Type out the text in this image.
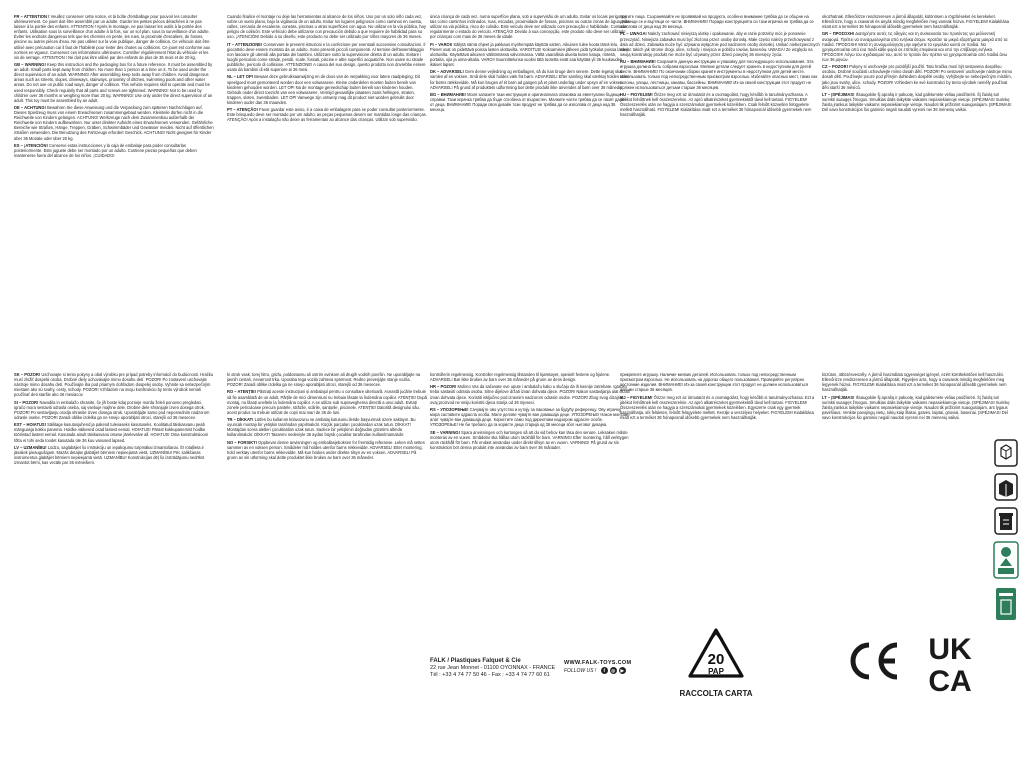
FR – ATTENTION ! Veuillez conserver cette notice, et la boîte d'emballage pour pouvoir les consulter ultérieurement. Ce jouet doit être assemblé par un adulte. Garder les petites pièces détachées à ne pas laisser à la portée des enfants. ATTENTION ! Après le montage, ne pas laisser les outils à la portée des enfants. Utilisation sous la surveillance d'un adulte à la fois, sur un sol plan, sous la surveillance d'un adulte. Éviter les endroits dangereux tels que les chemins en pente, les rues, la proximité d'escaliers, de fosses, piscine ou autres pièces d'eau. Ne pas utiliser sur la voie publique, danger de collision. Ce véhicule doit être utilisé avec précaution car il faut de l'habileté pour éviter des chutes ou collisions. Ce jouet est conforme aux normes en vigueur. Conservez ces informations ultérieures. Contrôler régulièrement l'état du véhicule et les vis de serrage. ATTENTION ! Ne doit pas être utilisé par des enfants de plus de 36 mois et de 20 kg.

GB – WARNING! Keep this instruction and the packaging box for a future reference. It must be assembled by an adult. Small parts kept away from children. No more than 1 person at a time on it. To be used under the direct supervision of an adult. WARNING! After assembling keep tools away from children. Avoid dangerous areas such as streets, slopes, driveways, stairways, proximity of ditches, swimming pools and other water areas. Do not use on public road ways, danger of collision. This vehicle requires skill to operate and must be used responsibly. Check regularly that all parts and screws are tightened. WARNING! Not to be used by children over 36 months or weighing more than 20 kg. WARNING! Use only under the direct supervision of an adult. This toy must be assembled by an adult.

DE – ACHTUNG! Bewahren Sie diese Anweisung und die Verpackung zum späteren Nachschlagen auf. Dieses Spielzeug muss von einem Erwachsenen zusammengebaut werden. Kleinteile dürfen nicht in die Reichweite von Kindern gelangen. ACHTUNG! Werkzeuge nach dem Zusammenbau außerhalb der Reichweite von Kindern aufbewahren. Nur unter direkter Aufsicht eines Erwachsenen verwenden. Gefährliche Bereiche wie Straßen, Hänge, Treppen, Gräben, Schwimmbäder und Gewässer meiden. Nicht auf öffentlichen Straßen verwenden. Die Benutzung des Fahrzeugs erfordert Geschick. ACHTUNG! Nicht geeignet für Kinder über 36 Monate oder über 20 kg.

ES – ¡ATENCIÓN! Conserve estas instrucciones y la caja de embalaje para poder consultarlas posteriormente. Este juguete debe ser montado por un adulto. Contiene piezas pequeñas que deben mantenerse fuera del alcance de los niños. ¡CUIDADO!

Cuando finalice el montaje no deje las herramientas al alcance de los niños. Uso por un solo niño cada vez, sobre un suelo plano, bajo la vigilancia de un adulto. Evitar los lugares peligrosos como caminos en cuesta, calles, cercanía de escaleras, cunetas, piscinas u otras superficies con agua. No utilizar en la vía pública, hay peligro de colisión. Este vehículo debe utilizarse con precaución debido a que requiere de habilidad para su uso. ¡ATENCIÓN! Debido a su diseño, este producto no debe ser utilizado por niños mayores de 36 meses.

IT – ATTENZIONE! Conservare le presenti istruzioni e la confezione per eventuali successive consultazioni. Il giocattolo deve essere montato da un adulto. Sono presenti piccoli componenti. Al termine dell'assemblaggio non lasciare gli utensili alla portata dei bambini. Utilizzare sotto la supervisione diretta di un adulto. Evitare i luoghi pericolosi come strade, pendii, scale, fossati, piscine e altre superfici acquatiche. Non usare su strade pubbliche, pericolo di collisione. ATTENZIONE! A causa del suo design, questo prodotto non dovrebbe essere usato da bambini di età superiore ai 36 mesi.

NL – LET OP! Bewaar deze gebruiksaanwijzing en de doos van de verpakking voor latere raadpleging. Dit speelgoed moet gemonteerd worden door een volwassene. Kleine onderdelen moeten buiten bereik van kinderen gehouden worden. LET OP! Na de montage gereedschap buiten bereik van kinderen houden. Gebruik onder direct toezicht van een volwassene. Vermijd gevaarlijke plaatsen zoals hellingen, straten, trappen, sloten, zwembaden. LET OP! Vanwege zijn ontwerp mag dit product niet worden gebruikt door kinderen ouder dan 36 maanden.

PT – ATENÇÃO! Favor guardar este aviso, é a caixa de embalagem para se poder consultar posteriormente. Este brinquedo deve ser montado por um adulto, as peças pequenas devem ser mantidas longe das crianças. ATENÇÃO! Após a instalação não deixe as ferramentas ao alcance das crianças. Utilizar sob supervisão.

única criança de cada vez, numa superfície plana, sob a supervisão de um adulto. Evitar os locais perigosos tais como caminhos inclinados, ruas, escadas, proximidade de fossas, piscinas ou outras zonas de água. Não utilizar na via pública, risco de colisão. Este veículo deve ser utilizado com precaução e habilidade. Controlar regularmente o estado do veículo. ATENÇÃO! Devido à sua concepção, este produto não deve ser utilizado por crianças com mais de 36 meses de idade.

FI – VAROI! Säilytä nämä ohjeet ja pakkaus myöhempää käyttöä varten. Aikuisen tulee koota tämä lelu. Pienet osat on pidettävä poissa lasten ulottuvilta. VAROITUS! Kokoamisen jälkeen pidä työkalut poissa lasten ulottuvilta. Käytettävä aikuisen välittömässä valvonnassa. Vältä vaarallisia alueita kuten katuja, rinteitä, portaita, ojia ja uima-altaita. VAROI! Suunnittelunsa vuoksi tätä tuotetta eivät saa käyttää yli 36 kuukauden ikäiset lapset.

DK – ADVARSEL! Gem denne vejledning og emballagen, så du kan bruge dem senere. Dette legetøj skal samles af en voksen. Små dele skal holdes væk fra børn. ADVARSEL! Efter samling skal værktøj holdes uden for børns rækkevidde. Må kun bruges af ét barn ad gangen på et plant underlag under opsyn af en voksen. ADVARSEL! På grund af produktets udformning bør dette produkt ikke anvendes af børn over 36 måneder.

BG – ВНИМАНИЕ! Моля запазете тази инструкция и оригиналната опаковка за евентуални бъдещи справки. Тази играчка трябва да бъде сглобена от възрастен. Малките части трябва да се пазят далеч от деца. ВНИМАНИЕ! Поради своя дизайн този продукт не трябва да се използва от деца над 36 месеца.

тругите лица. Съхранявайте не проявявай на продукта, особено внимание трябва да се обърне на движещи се и въртящи се части. ВНИМАНИЕ! Поради конструкцията си тази играчка не трябва да се използва от деца над 36 месеца.

PL – UWAGA! Należy zachować niniejszą ulotkę i opakowanie, aby w razie potrzeby móc je ponownie przeczytać. Niniejsza zabawka musi być złożona przez osobę dorosłą. Małe części należy przechowywać z dala od dzieci. Zabawka może być używana wyłącznie pod nadzorem osoby dorosłej. Unikać niebezpiecznych miejsc takich jak strome drogi, ulice, schody i miejsca w pobliżu rowów, basenów. UWAGA! Ze względu na swoją konstrukcję produkt nie może być używany przez dzieci powyżej 36 miesięcy życia.

RU – ВНИМАНИЕ! Сохраните данную инструкцию и упаковку для последующего использования. Эта игрушка должна быть собрана взрослым. Мелкие детали следует хранить в недоступном для детей месте. ВНИМАНИЕ! По окончании сборки храните инструменты в недоступном для детей месте. Использовать только под непосредственным присмотром взрослых. Избегайте опасных мест, таких как склоны, улицы, лестницы, канавы, бассейны. ВНИМАНИЕ! Из-за своей конструкции этот продукт не должен использоваться детьми старше 36 месяцев.

HU – FIGYELEM! Őrizze meg ezt az útmutatót és a csomagolást, hogy később is tanulmányozhassa. A játékot felnőttnek kell összeszerelnie. Az apró alkatrészeket gyermekektől távol kell tartani. FIGYELEM! Összeszerelés után ne hagyja a szerszámokat gyermekek közelében. Csak felnőtt közvetlen felügyelete mellett használható. FIGYELEM! Kialakítása miatt ezt a terméket 36 hónaposnál idősebb gyermekek nem használhatják.

okozhatnak. Ellenőrizze rendszeresen a jármű állapotát, különösen a rögzítéseket és kerekeket. Ellenőrizze, hogy a csavarok és anyák mindig megfelelően meg vannak húzva. FIGYELEM! Kialakítása miatt ezt a terméket 36 hónaposnál idősebb gyermekek nem használhatják.

GR – ΠΡΟΣΟΧΗ! Διατηρήστε αυτές τις οδηγίες και τη συσκευασία του προϊόντος για μελλοντική αναφορά. Πρέπει να συναρμολογείται από ενήλικα άτομο. Κρατάτε τα μικρά εξαρτήματα μακριά από τα παιδιά. ΠΡΟΣΟΧΗ! Μετά τη συναρμολόγηση μην αφήνετε τα εργαλεία κοντά σε παιδιά. Να χρησιμοποιείται από ένα παιδί κάθε φορά σε επίπεδη επιφάνεια και υπό την επίβλεψη ενήλικα. ΠΡΟΣΟΧΗ! Λόγω του σχεδιασμού του, αυτό το προϊόν δεν πρέπει να χρησιμοποιείται από παιδιά άνω των 36 μηνών.

CZ – POZOR! Pokyny si uschovejte pro pozdější použití. Tato hračka musí být sestavena dospělou osobou. Drobné součásti uchovávejte mimo dosah dětí. POZOR! Po sestavení uschovejte nástroje mimo dosah dětí. Používejte pouze pod přímým dohledem dospělé osoby. Vyhýbejte se nebezpečným místům, jako jsou svahy, ulice, schody. POZOR! Vzhledem ke své konstrukci by tento výrobek neměly používat děti starší 36 měsíců.

LT – ĮSPĖJIMAS! Išsaugokite šį aprašą ir pakuotę, kad galėtumėte vėliau pasižiūrėti. Šį žaislą turi surinkti suaugęs žmogus. Smulkias dalis laikykite vaikams nepasiekiamoje vietoje. ĮSPĖJIMAS! Surinkę žaislą įrankius laikykite vaikams nepasiekiamoje vietoje. Naudoti tik prižiūrint suaugusiajam. ĮSPĖJIMAS! Dėl savo konstrukcijos šio gaminio negali naudoti vyresni nei 36 mėnesių vaikai.

SK – POZOR! Uschovajte si tento pokyny a obal výrobku pre prípad potreby informácií do budúcnosti. Hračku musí zložiť dospelá osoba. Drobné diely uchovávajte mimo dosahu detí. POZOR! Po zostavení uschovajte nástroje mimo dosahu detí. Používajte iba pod priamym dohľadom dospelej osoby. Vyhnite sa nebezpečným miestam ako sú svahy, cesty, schody. POZOR! Vzhľadom na svoju konštrukciu by tento výrobok nemali používať deti staršie ako 36 mesiacov.

SI – POZOR! Navodila in embalažo shranite, če jih boste kdaj pozneje morda želeli ponovno pregledati. Igračo mora sestaviti odrasla oseba, saj vsebuje majhne dele. Drobne dele shranjujte izven dosega otrok. POZOR! Po sestavljanju orodja shranite izven dosega otrok. Uporabljajte samo pod neposrednim nadzorom odrasle osebe. POZOR! Zaradi oblike izdelka ga ne smejo uporabljati otroci, starejši od 36 mesecev.

EST – HOIATUS! Säilitage kasutusjuhend ja pakend tulevaseks kasutuseks. Koolitatud täiskasvanu peab mänguasja kokku panema. Hoidke väikesed osad lastest eemal. HOIATUS! Pärast kokkupanemist hoidke tööriistad lastest eemal. Kasutada ainult täiskasvanu otsese järelevalve all. HOIATUS! Oma konstruktsiooni tõttu ei tohi seda toodet kasutada üle 36 kuu vanused lapsed.

LV – UZMANĪBU! Lūdzu, saglabājiet šo instrukciju un iepakojumu turpmākai izmantošanai. Šī rotaļlieta ir jāsaliek pieaugušajam. Mazās detaļas glabājiet bērniem nepieejamā vietā. UZMANĪBU! Pēc salikšanas instrumentus glabājiet bērniem nepieejamā vietā. UZMANĪBU! Konstrukcijas dēļ šo izstrādājumu nedrīkst izmantot bērni, kas vecāki par 36 mēnešiem.

ki otrok vsak, torej hitro, grizlu, poldostavnu ali ostrim ovinkom ali drugih vodnih površin. Ne uporabljajte na javnih cestah, nevarnost trka. Uporaba tega vozila zahteva spretnost. Redno preverjajte stanje vozila. POZOR! Zaradi oblike izdelka ga ne smejo uporabljati otroci, starejši od 36 mesecev.

RO – ATENȚIE! Păstrați aceste instrucțiuni și ambalajul pentru o consultare ulterioară. Această jucărie trebuie să fie asamblată de un adult. Părțile de mici dimensiuni nu trebuie lăsate la îndemâna copiilor. ATENȚIE! După montaj, nu lăsați uneltele la îndemâna copiilor. A se utiliza sub supravegherea directă a unui adult. Evitați zonele periculoase precum pantele, străzile, scările, șanțurile, piscinele. ATENȚIE! Datorită designului său, acest produs nu trebuie utilizat de copii mai mari de 36 de luni.

TR – DİKKAT! Lütfen bu kullanım kılavuzunu ve ambalaj kutusunu ileride başvurmak üzere saklayın. Bu oyuncak montajı bir yetişkin tarafından yapılmalıdır. Küçük parçaları çocuklardan uzak tutun. DİKKAT! Montajdan sonra aletleri çocuklardan uzak tutun. Sadece bir yetişkinin doğrudan gözetimi altında kullanılmalıdır. DİKKAT! Tasarımı nedeniyle 36 aydan büyük çocuklar tarafından kullanılmamalıdır.

NO – FORSIKT! Oppbevar denne anvisningen og emballasjeboksen for fremtidig referanse. Leken må settes sammen av en voksen person. Smådeler må holdes utenfor barns rekkevidde. ADVARSEL! Etter montering, hold verktøy utenfor barns rekkevidde. Må kun brukes under direkte tilsyn av en voksen. ADVARSEL! På grunn av sin utforming skal dette produktet ikke brukes av barn over 36 måneder.

kontrollerin regelmessig. Kontroller regelmessig tilstanden til kjøretøyet, spesielt festene og hjulene. ADVARSEL! Bør ikke brukes av barn over 36 måneder på grunn av dens design.

HR – POZOR! Molimo Vas da sačuvate ove upute i ambalažu kako u slučaju da ih kasnije zatrebate. Igračku treba sastaviti odrasla osoba. Sitne dijelove držati izvan dohvata djece. POZOR! Nakon sastavljanja alat držati izvan dohvata djece. Koristiti isključivo pod izravnim nadzorom odrasle osobe. POZOR! Zbog svog dizajna, ovaj proizvod ne smiju koristiti djeca starija od 36 mjeseci.

RS – УПОЗОРЕЊЕ! Сачувајте ово упутство и кутију за паковање за будућу референцу. Ову играчку мора саставити одрасла особа. Мале делове чувајте ван домашаја деце. УПОЗОРЕЊЕ! Након монтаже алат чувајте ван домашаја деце. Користите само под директним надзором одрасле особе. УПОЗОРЕЊЕ! Не би требало да га користе деца старија од 36 месеци због његовог дизајна.

SE – VARNING! Spara anvisningen och kartongen så att du vid behov kan läsa den senare. Leksaken måste monteras av en vuxen. Smådelar ska hållas utom räckhåll för barn. VARNING! Efter montering, håll verktygen utom räckhåll för barn. Får endast användas under direkt tillsyn av en vuxen. VARNING! På grund av sin konstruktion bör denna produkt inte användas av barn över 36 månader.

прикрепите игрушку. Наличие мелких деталей. Использовать только под непосредственным присмотром взрослых. Не использовать на дорогах общего пользования. Проверяйте регулярно состояние изделия. ВНИМАНИЕ! Из-за своей конструкции этот продукт не должен использоваться детьми старше 36 месяцев.

MJ – FIGYELEM! Őrizze meg ezt az útmutatót és a csomagolást, hogy később is tanulmányozhassa. Ezt a játékot felnőttnek kell összeszerelnie. Az apró alkatrészeket gyermekektől távol kell tartani. FIGYELEM! Összeszerelés után ne hagyja a szerszámokat gyermekek közelében. Egyszerre csak egy gyermek használhatja, sík felületen, felnőtt felügyelete mellett. Kerülje a veszélyes helyeket. FIGYELEM! Kialakítása miatt ezt a terméket 36 hónaposnál idősebb gyermekek nem használhatják.

közúton, ütközésveszély. A jármű használata ügyességet igényel, ezért körültekintően kell használni. Ellenőrizze rendszeresen a jármű állapotát. Figyeljen arra, hogy a csavarok mindig megfelelően meg legyenek húzva. FIGYELEM! Kialakítása miatt ezt a terméket 36 hónaposnál idősebb gyermekek nem használhatják.

LT – ĮSPĖJIMAS! Išsaugokite šį aprašą ir pakuotę, kad galėtumėte vėliau pasižiūrėti. Šį žaislą turi surinkti suaugęs žmogus. Smulkias dalis laikykite vaikams nepasiekiamoje vietoje. ĮSPĖJIMAS! Surinkę žaislą įrankius laikykite vaikams nepasiekiamoje vietoje. Naudoti tik prižiūrint suaugusiajam, ant lygaus paviršiaus. Venkite pavojingų vietų, tokių kaip šlaitai, gatvės, laiptai, grioviai, baseinai. ĮSPĖJIMAS! Dėl savo konstrukcijos šio gaminio negali naudoti vyresni nei 36 mėnesių vaikai.

FALK / Plastiques Falquet & Cie
22 rue Jean Monnet - 01100 OYONNAX - FRANCE
Tél : +33 4 74 77 50 46 - Fax : +33 4 74 77 60 61
WWW.FALK-TOYS.COM
FOLLOW US ! f ◎ ▶
20
PAP
RACCOLTA CARTA
UK
CA
